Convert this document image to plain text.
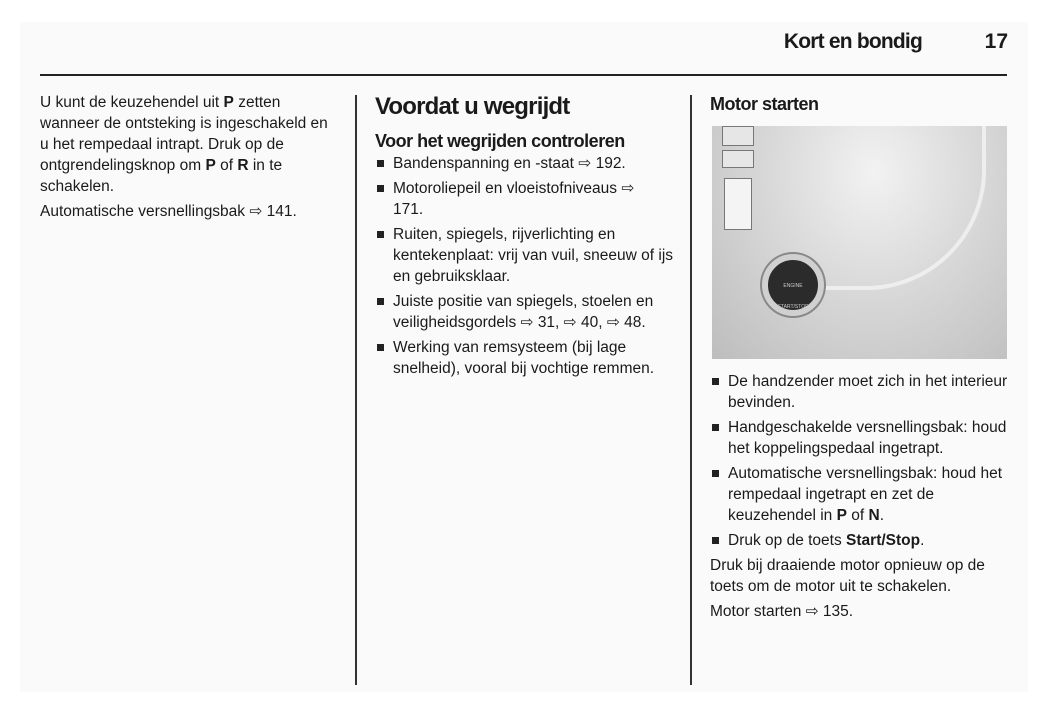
Kort en bondig	17

U kunt de keuzehendel uit P zetten wanneer de ontsteking is ingeschakeld en u het rempedaal intrapt. Druk op de ontgrendelingsknop om P of R in te schakelen.

Automatische versnellingsbak ⇨ 141.

Voordat u wegrijdt
Voor het wegrijden controleren
Bandenspanning en -staat ⇨ 192.
Motoroliepeil en vloeistofniveaus ⇨ 171.
Ruiten, spiegels, rijverlichting en kentekenplaat: vrij van vuil, sneeuw of ijs en gebruiksklaar.
Juiste positie van spiegels, stoelen en veiligheidsgordels ⇨ 31, ⇨ 40, ⇨ 48.
Werking van remsysteem (bij lage snelheid), vooral bij vochtige remmen.
Motor starten
ENGINE START/STOP
De handzender moet zich in het interieur bevinden.
Handgeschakelde versnellingsbak: houd het koppelingspedaal ingetrapt.
Automatische versnellingsbak: houd het rempedaal ingetrapt en zet de keuzehendel in P of N.
Druk op de toets Start/Stop.

Druk bij draaiende motor opnieuw op de toets om de motor uit te schakelen.

Motor starten ⇨ 135.
